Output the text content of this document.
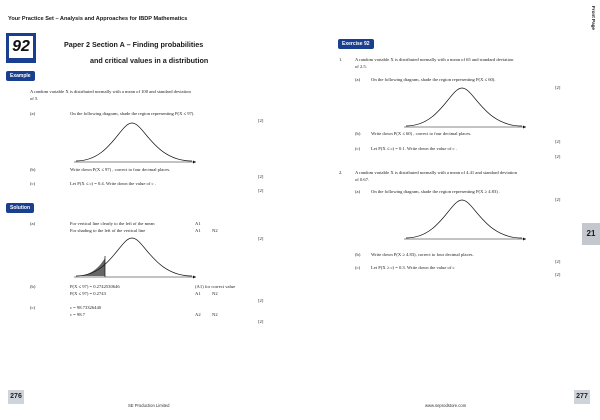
Your Practice Set – Analysis and Approaches for IBDP Mathematics	Front Page
92	Paper 2 Section A – Finding probabilities
and critical values in a distribution
Example
A random variable X is distributed normally with a mean of 100 and standard deviation
of 5.
(a)	On the following diagram, shade the region representing P(X ≤ 97).
[2]
(b)	Write down P(X ≤ 97) , correct to four decimal places.
[2]
(c)	Let P(X ≤ c) = 0.4. Write down the value of c .
[2]
Solution
(a)	For vertical line clearly to the left of the mean	A1
For shading to the left of the vertical line	A1 N2
[2]
(b)	P(X ≤ 97) = 0.2742530646	(A1) for correct value
P(X ≤ 97) = 0.2743	A1 N2
[2]
(c)	c = 98.73326440
c = 98.7	A2 N2
[2]
Exercise 92
1.	A random variable X is distributed normally with a mean of 65 and standard deviation
of 2.5.
(a) On the following diagram, shade the region representing P(X ≤ 60).
[2]
(b) Write down P(X ≤ 60) , correct to four decimal places.
[2]
(c) Let P(X ≤ c) = 0.1. Write down the value of c .
[2]
2.	A random variable X is distributed normally with a mean of 4.41 and standard deviation
of 0.67.
(a) On the following diagram, shade the region representing P(X ≥ 4.83) .
[2]
(b) Write down P(X ≥ 4.83), correct to four decimal places.
[2]
(c) Let P(X ≥ c) = 0.3. Write down the value of c
[2]
21
276
SE Production Limited	www.seprodstore.com
277
